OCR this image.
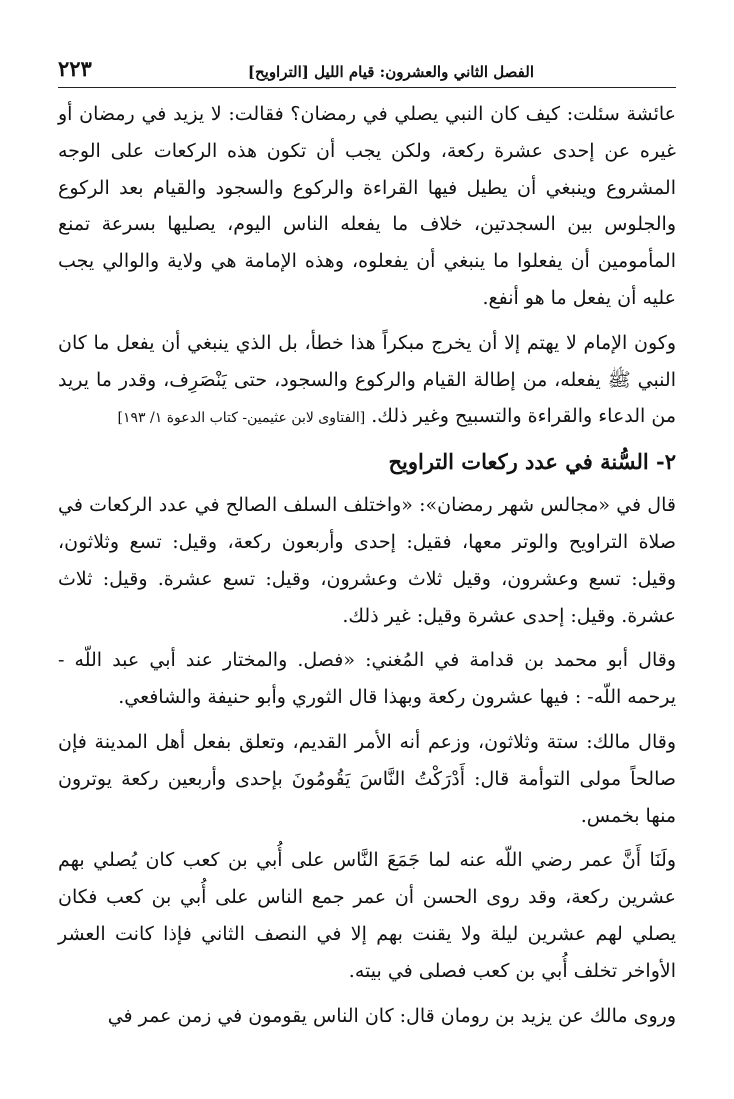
الفصل الثاني والعشرون: قيام الليل [التراويح]
٢٢٣

عائشة سئلت: كيف كان النبي يصلي في رمضان؟ فقالت: لا يزيد في رمضان أو غيره عن إحدى عشرة ركعة، ولكن يجب أن تكون هذه الركعات على الوجه المشروع وينبغي أن يطيل فيها القراءة والركوع والسجود والقيام بعد الركوع والجلوس بين السجدتين، خلاف ما يفعله الناس اليوم، يصليها بسرعة تمنع المأمومين أن يفعلوا ما ينبغي أن يفعلوه، وهذه الإمامة هي ولاية والوالي يجب عليه أن يفعل ما هو أنفع.

وكون الإمام لا يهتم إلا أن يخرج مبكراً هذا خطأ، بل الذي ينبغي أن يفعل ما كان النبي ﷺ يفعله، من إطالة القيام والركوع والسجود، حتى يَنْصَرِف، وقدر ما يريد من الدعاء والقراءة والتسبيح وغير ذلك. [الفتاوى لابن عثيمين- كتاب الدعوة ١/ ١٩٣]

٢- السُّنة في عدد ركعات التراويح

قال في «مجالس شهر رمضان»: «واختلف السلف الصالح في عدد الركعات في صلاة التراويح والوتر معها، فقيل: إحدى وأربعون ركعة، وقيل: تسع وثلاثون، وقيل: تسع وعشرون، وقيل ثلاث وعشرون، وقيل: تسع عشرة. وقيل: ثلاث عشرة. وقيل: إحدى عشرة وقيل: غير ذلك.

وقال أبو محمد بن قدامة في المُغني: «فصل. والمختار عند أبي عبد اللّه - يرحمه اللّه- : فيها عشرون ركعة وبهذا قال الثوري وأبو حنيفة والشافعي.

وقال مالك: ستة وثلاثون، وزعم أنه الأمر القديم، وتعلق بفعل أهل المدينة فإن صالحاً مولى التوأمة قال: أَدْرَكْتُ النَّاسَ يَقُومُونَ بإحدى وأربعين ركعة يوترون منها بخمس.

ولَنَا أَنَّ عمر رضي اللّه عنه لما جَمَعَ النَّاس على أُبي بن كعب كان يُصلي بهم عشرين ركعة، وقد روى الحسن أن عمر جمع الناس على أُبي بن كعب فكان يصلي لهم عشرين ليلة ولا يقنت بهم إلا في النصف الثاني فإذا كانت العشر الأواخر تخلف أُبي بن كعب فصلى في بيته.

وروى مالك عن يزيد بن رومان قال: كان الناس يقومون في زمن عمر في
